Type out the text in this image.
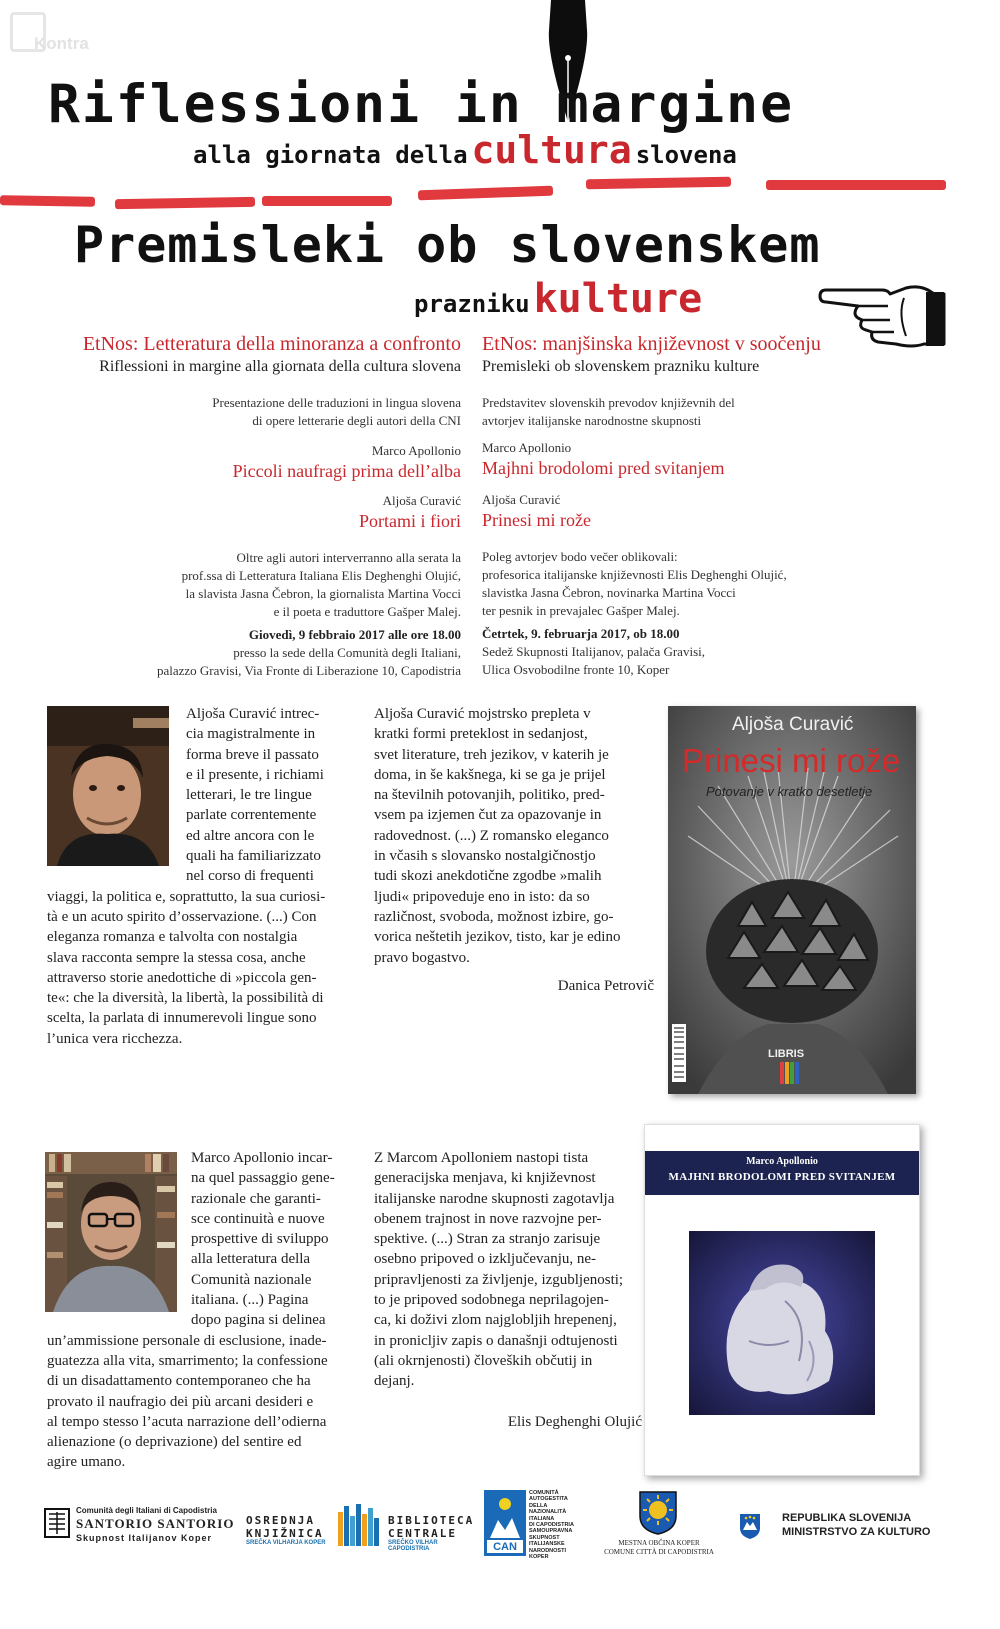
Kontra
Riflessioni in margine
alla giornata della cultura slovena
Premisleki ob slovenskem
prazniku kulture
EtNos: Letteratura della minoranza a confronto
Riflessioni in margine alla giornata della cultura slovena
Presentazione delle traduzioni in lingua slovena
di opere letterarie degli autori della CNI
Marco Apollonio
Piccoli naufragi prima dell’alba
Aljoša Curavić
Portami i fiori
Oltre agli autori interverranno alla serata la
prof.ssa di Letteratura Italiana Elis Deghenghi Olujić,
la slavista Jasna Čebron, la giornalista Martina Vocci
e il poeta e traduttore Gašper Malej.
Giovedì, 9 febbraio 2017 alle ore 18.00
presso la sede della Comunità degli Italiani,
palazzo Gravisi, Via Fronte di Liberazione 10, Capodistria
EtNos: manjšinska književnost v soočenju
Premisleki ob slovenskem prazniku kulture
Predstavitev slovenskih prevodov književnih del
avtorjev italijanske narodnostne skupnosti
Marco Apollonio
Majhni brodolomi pred svitanjem
Aljoša Curavić
Prinesi mi rože
Poleg avtorjev bodo večer oblikovali:
profesorica italijanske književnosti Elis Deghenghi Olujić,
slavistka Jasna Čebron, novinarka Martina Vocci
ter pesnik in prevajalec Gašper Malej.
Četrtek, 9. februarja 2017, ob 18.00
Sedež Skupnosti Italijanov, palača Gravisi,
Ulica Osvobodilne fronte 10, Koper
Aljoša Curavić intrec-
cia magistralmente in
forma breve il passato
e il presente, i richiami
letterari, le tre lingue
parlate correntemente
ed altre ancora con le
quali ha familiarizzato
nel corso di frequenti
viaggi, la politica e, soprattutto, la sua curiosi-
tà e un acuto spirito d’osservazione. (...) Con
eleganza romanza e talvolta con nostalgia
slava racconta sempre la stessa cosa, anche
attraverso storie anedottiche di »piccola gen-
te«: che la diversità, la libertà, la possibilità di
scelta, la parlata di innumerevoli lingue sono
l’unica vera ricchezza.
Aljoša Curavić mojstrsko prepleta v
kratki formi preteklost in sedanjost,
svet literature, treh jezikov, v katerih je
doma, in še kakšnega, ki se ga je prijel
na številnih potovanjih, politiko, pred-
vsem pa izjemen čut za opazovanje in
radovednost. (...) Z romansko eleganco
in včasih s slovansko nostalgičnostjo
tudi skozi anekdotične zgodbe »malih
ljudi« pripoveduje eno in isto: da so
različnost, svoboda, možnost izbire, go-
vorica neštetih jezikov, tisto, kar je edino
pravo bogastvo.
Danica Petrovič
Aljoša Curavić
Prinesi mi rože
Potovanje v kratko desetletje
LIBRIS
Marco Apollonio incar-
na quel passaggio gene-
razionale che garanti-
sce continuità e nuove
prospettive di sviluppo
alla letteratura della
Comunità nazionale
italiana. (...) Pagina
dopo pagina si delinea
un’ammissione personale di esclusione, inade-
guatezza alla vita, smarrimento; la confessione
di un disadattamento contemporaneo che ha
provato il naufragio dei più arcani desideri e
al tempo stesso l’acuta narrazione dell’odierna
alienazione (o deprivazione) del sentire ed
agire umano.
Z Marcom Apolloniem nastopi tista
generacijska menjava, ki književnost
italijanske narodne skupnosti zagotavlja
obenem trajnost in nove razvojne per-
spektive. (...) Stran za stranjo zarisuje
osebno pripoved o izključevanju, ne-
pripravljenosti za življenje, izgubljenosti;
to je pripoved sodobnega neprilagojen-
ca, ki doživi zlom najglobljih hrepenenj,
in pronicljiv zapis o današnji odtujenosti
(ali okrnjenosti) človeških občutij in
dejanj.
Elis Deghenghi Olujić
Marco Apollonio
MAJHNI BRODOLOMI PRED SVITANJEM
Comunità degli Italiani di Capodistria
SANTORIO SANTORIO
Skupnost Italijanov Koper
OSREDNJA
KNJIŽNICA
SREČKA VILHARJA KOPER
BIBLIOTECA
CENTRALE
SREČKO VILHAR CAPODISTRIA	CAN
COMUNITÀ
AUTOGESTITA
DELLA NAZIONALITÀ
ITALIANA
DI CAPODISTRIA
SAMOUPRAVNA
SKUPNOST
ITALIJANSKE
NARODNOSTI
KOPER
MESTNA OBČINA KOPER
COMUNE CITTÀ DI CAPODISTRIA
REPUBLIKA SLOVENIJA
MINISTRSTVO ZA KULTURO
